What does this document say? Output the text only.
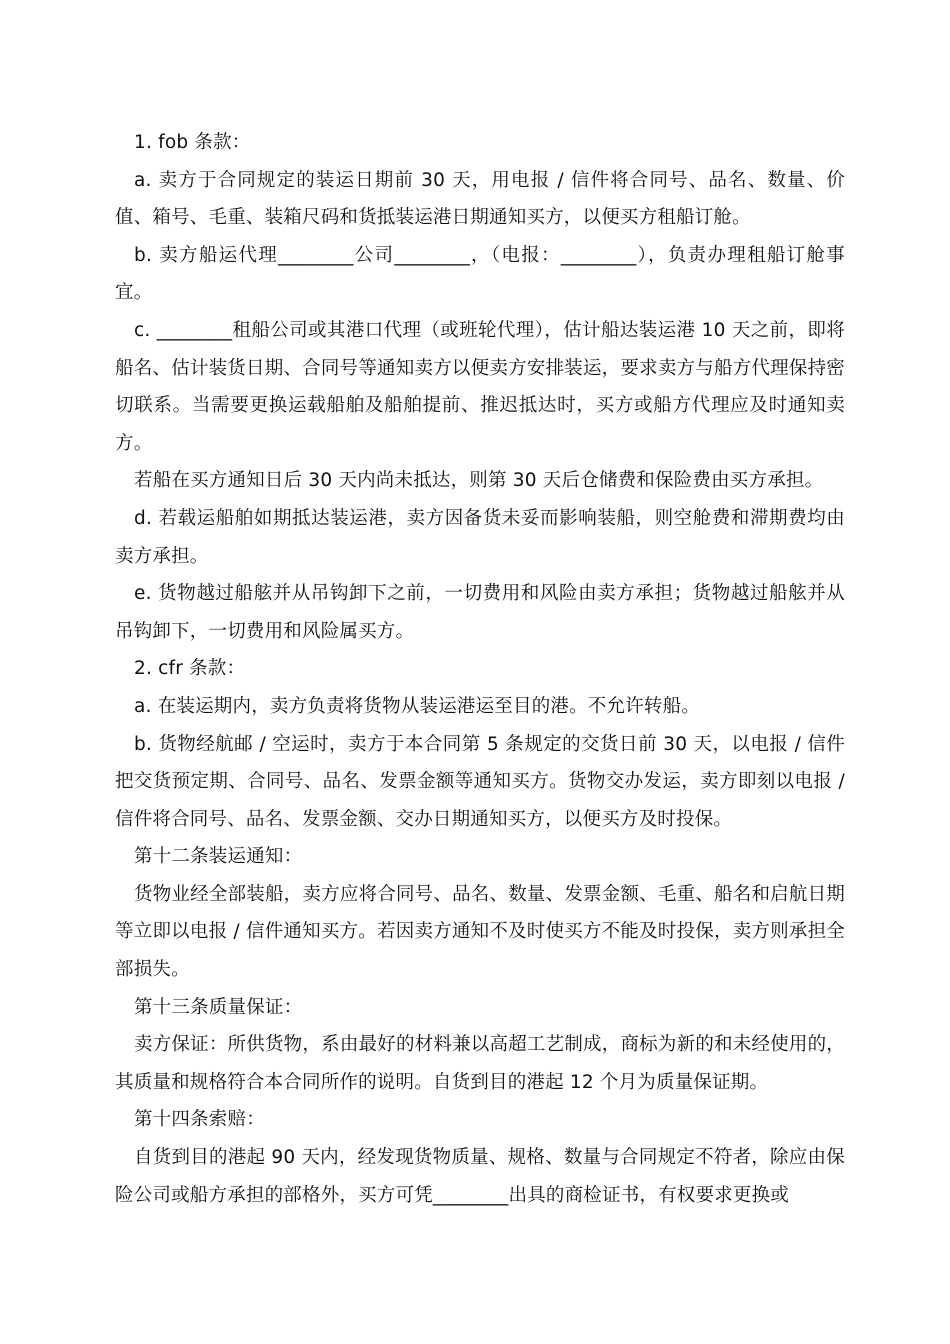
1. fob 条款：

a. 卖方于合同规定的装运日期前 30 天，用电报 / 信件将合同号、品名、数量、价值、箱号、毛重、装箱尺码和货抵装运港日期通知买方，以便买方租船订舱。

b. 卖方船运代理________公司________，（电报：________），负责办理租船订舱事宜。

c. ________租船公司或其港口代理（或班轮代理），估计船达装运港 10 天之前，即将船名、估计装货日期、合同号等通知卖方以便卖方安排装运，要求卖方与船方代理保持密切联系。当需要更换运载船舶及船舶提前、推迟抵达时，买方或船方代理应及时通知卖方。

若船在买方通知日后 30 天内尚未抵达，则第 30 天后仓储费和保险费由买方承担。

d. 若载运船舶如期抵达装运港，卖方因备货未妥而影响装船，则空舱费和滞期费均由卖方承担。

e. 货物越过船舷并从吊钩卸下之前，一切费用和风险由卖方承担；货物越过船舷并从吊钩卸下，一切费用和风险属买方。

2. cfr 条款：

a. 在装运期内，卖方负责将货物从装运港运至目的港。不允许转船。

b. 货物经航邮 / 空运时，卖方于本合同第 5 条规定的交货日前 30 天，以电报 / 信件把交货预定期、合同号、品名、发票金额等通知买方。货物交办发运，卖方即刻以电报 / 信件将合同号、品名、发票金额、交办日期通知买方，以便买方及时投保。

第十二条装运通知：

货物业经全部装船，卖方应将合同号、品名、数量、发票金额、毛重、船名和启航日期等立即以电报 / 信件通知买方。若因卖方通知不及时使买方不能及时投保，卖方则承担全部损失。

第十三条质量保证：

卖方保证：所供货物，系由最好的材料兼以高超工艺制成，商标为新的和未经使用的，其质量和规格符合本合同所作的说明。自货到目的港起 12 个月为质量保证期。

第十四条索赔：

自货到目的港起 90 天内，经发现货物质量、规格、数量与合同规定不符者，除应由保险公司或船方承担的部格外，买方可凭________出具的商检证书，有权要求更换或
